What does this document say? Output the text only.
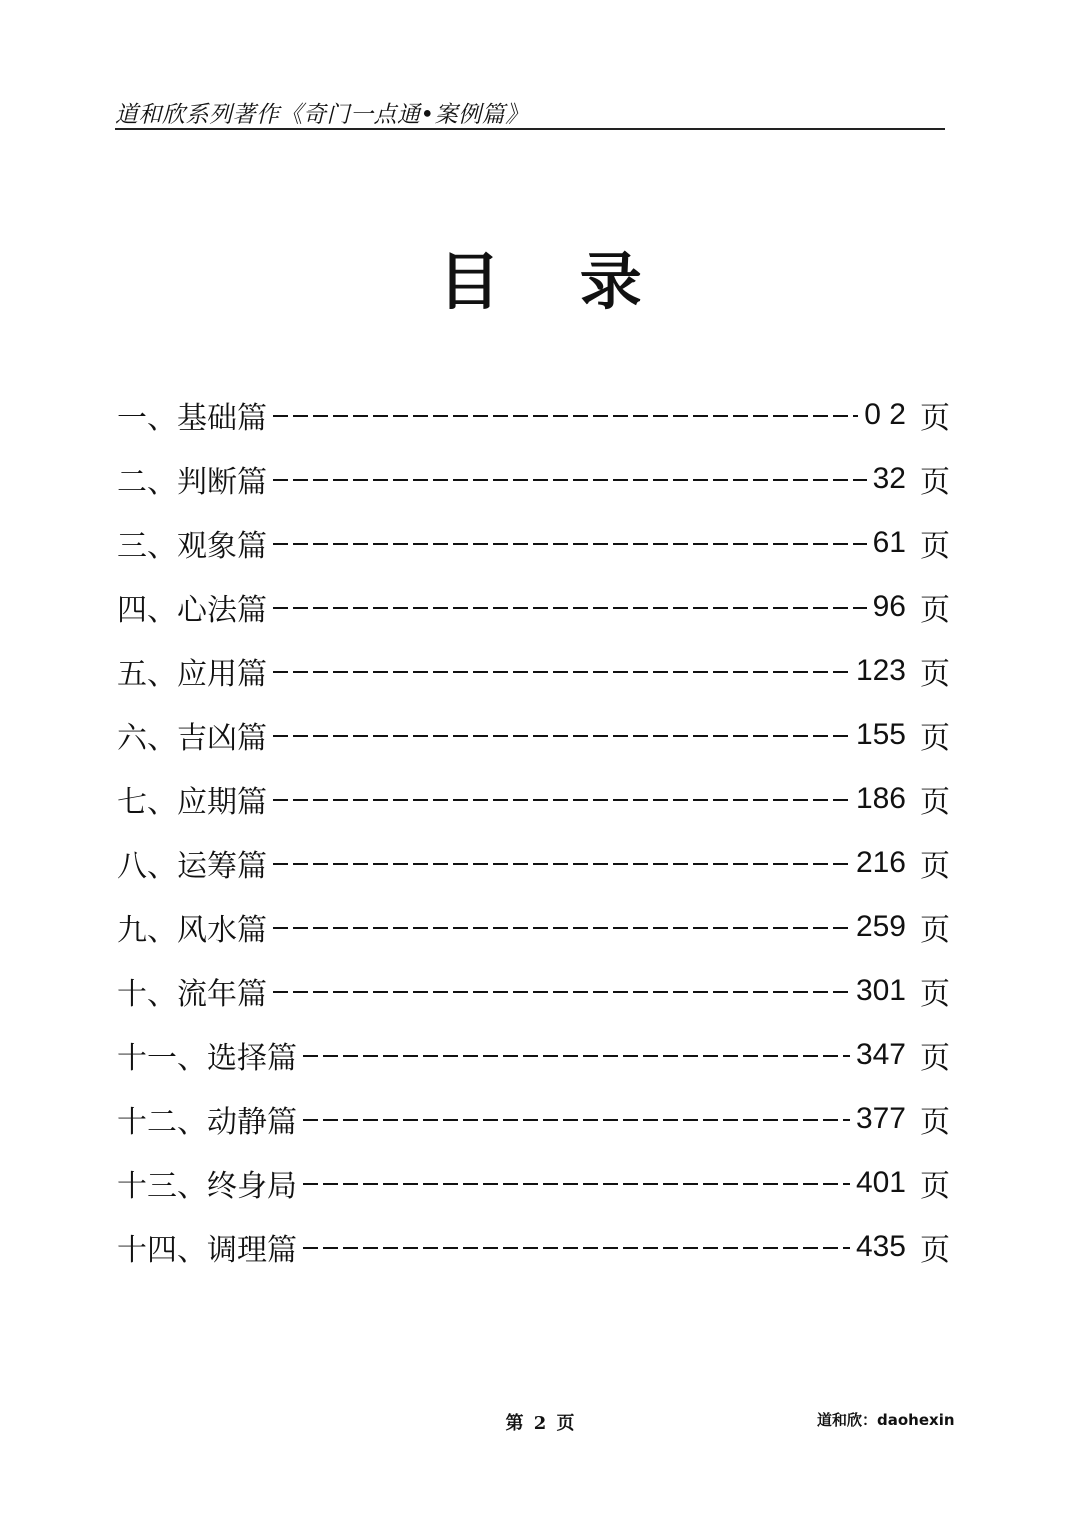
道和欣系列著作《奇门一点通•案例篇》
目 录
一、 基础篇	0 2 页
二、 判断篇	32 页
三、 观象篇	61 页
四、 心法篇	96 页
五、 应用篇	123 页
六、 吉凶篇	155 页
七、 应期篇	186 页
八、 运筹篇	216 页
九、 风水篇	259 页
十、 流年篇	301 页
十一、 选择篇	347 页
十二、 动静篇	377 页
十三、 终身局	401 页
十四、 调理篇	435 页
第 2 页	道和欣：daohexin
